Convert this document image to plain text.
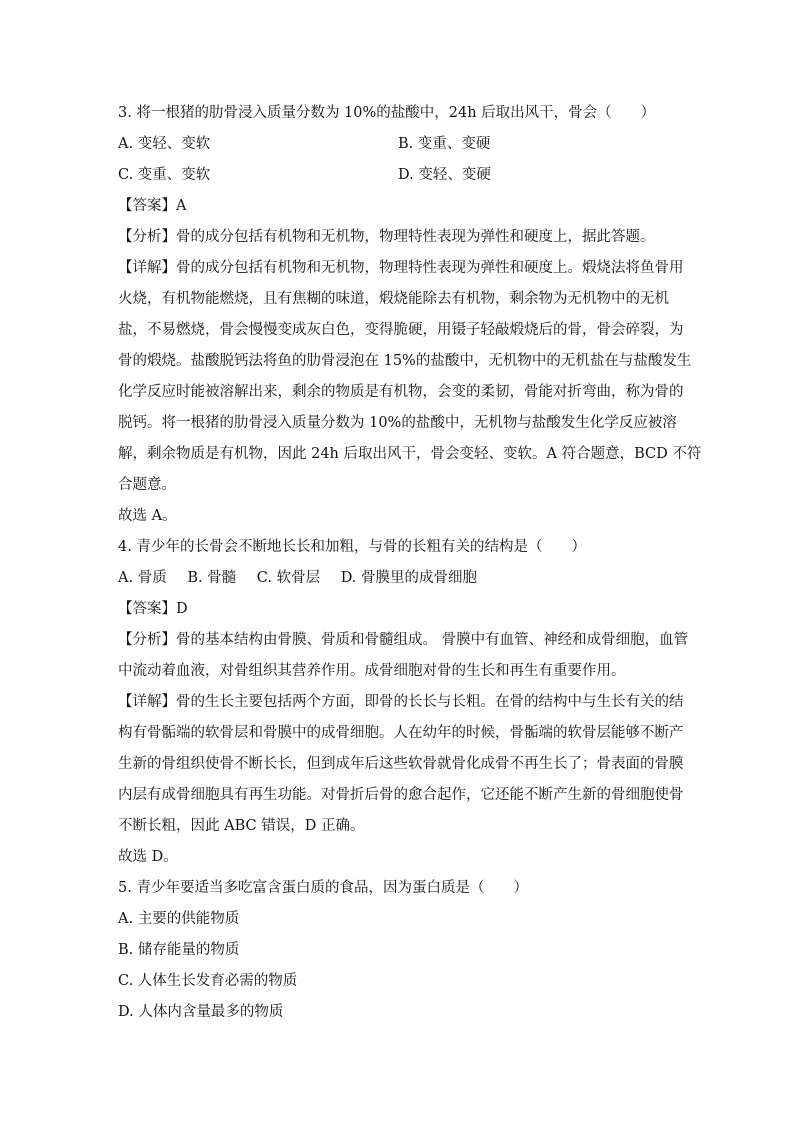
3. 将一根猪的肋骨浸入质量分数为 10%的盐酸中，24h 后取出风干，骨会（　　）
A. 变轻、变软	B. 变重、变硬
C. 变重、变软	D. 变轻、变硬
【答案】A
【分析】骨的成分包括有机物和无机物，物理特性表现为弹性和硬度上，据此答题。
【详解】骨的成分包括有机物和无机物，物理特性表现为弹性和硬度上。煅烧法将鱼骨用
火烧，有机物能燃烧，且有焦糊的味道，煅烧能除去有机物，剩余物为无机物中的无机
盐，不易燃烧，骨会慢慢变成灰白色，变得脆硬，用镊子轻敲煅烧后的骨，骨会碎裂，为
骨的煅烧。盐酸脱钙法将鱼的肋骨浸泡在 15%的盐酸中，无机物中的无机盐在与盐酸发生
化学反应时能被溶解出来，剩余的物质是有机物，会变的柔韧，骨能对折弯曲，称为骨的
脱钙。将一根猪的肋骨浸入质量分数为 10%的盐酸中，无机物与盐酸发生化学反应被溶
解，剩余物质是有机物，因此 24h 后取出风干，骨会变轻、变软。A 符合题意，BCD 不符
合题意。
故选 A。
4. 青少年的长骨会不断地长长和加粗，与骨的长粗有关的结构是（　　）
A. 骨质 B. 骨髓 C. 软骨层 D. 骨膜里的成骨细胞
【答案】D
【分析】骨的基本结构由骨膜、骨质和骨髓组成。 骨膜中有血管、神经和成骨细胞，血管
中流动着血液，对骨组织其营养作用。成骨细胞对骨的生长和再生有重要作用。
【详解】骨的生长主要包括两个方面，即骨的长长与长粗。在骨的结构中与生长有关的结
构有骨骺端的软骨层和骨膜中的成骨细胞。人在幼年的时候，骨骺端的软骨层能够不断产
生新的骨组织使骨不断长长，但到成年后这些软骨就骨化成骨不再生长了；骨表面的骨膜
内层有成骨细胞具有再生功能。对骨折后骨的愈合起作，它还能不断产生新的骨细胞使骨
不断长粗，因此 ABC 错误，D 正确。
故选 D。
5. 青少年要适当多吃富含蛋白质的食品，因为蛋白质是（　　）
A. 主要的供能物质
B. 储存能量的物质
C. 人体生长发育必需的物质
D. 人体内含量最多的物质
